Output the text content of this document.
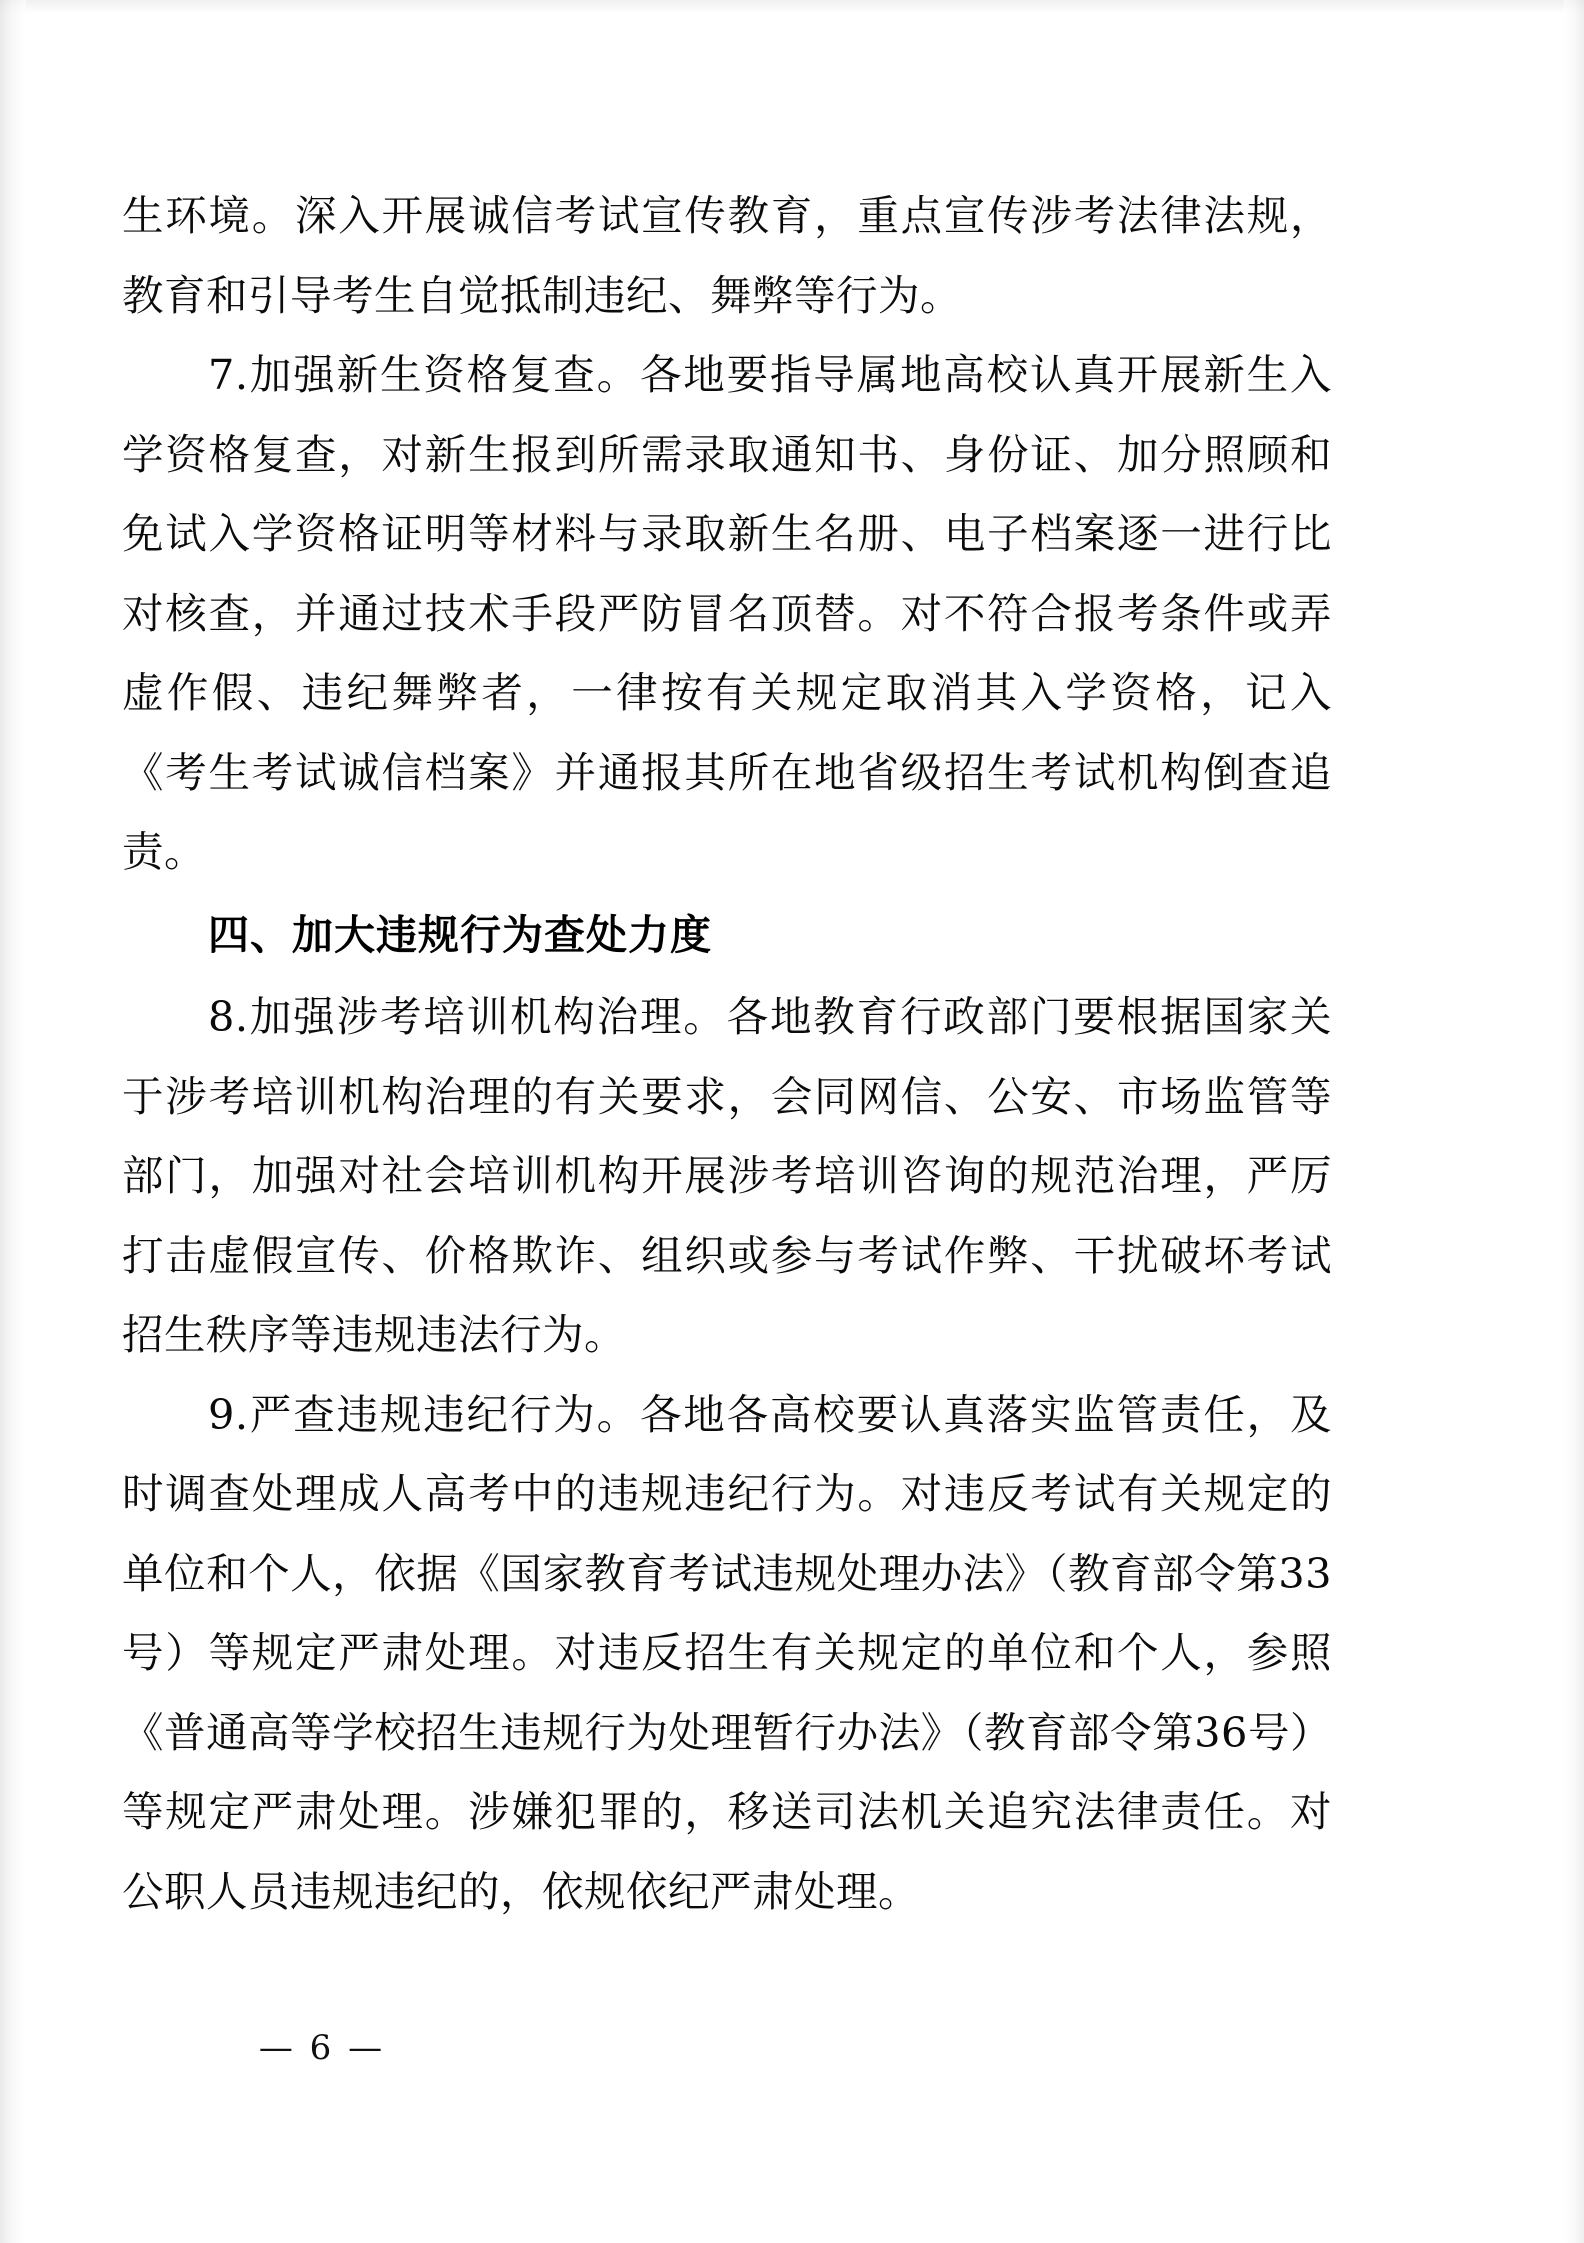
生环境。深入开展诚信考试宣传教育，重点宣传涉考法律法规，教育和引导考生自觉抵制违纪、舞弊等行为。

7.加强新生资格复查。各地要指导属地高校认真开展新生入学资格复查，对新生报到所需录取通知书、身份证、加分照顾和免试入学资格证明等材料与录取新生名册、电子档案逐一进行比对核查，并通过技术手段严防冒名顶替。对不符合报考条件或弄虚作假、违纪舞弊者，一律按有关规定取消其入学资格，记入《考生考试诚信档案》并通报其所在地省级招生考试机构倒查追责。

四、加大违规行为查处力度

8.加强涉考培训机构治理。各地教育行政部门要根据国家关于涉考培训机构治理的有关要求，会同网信、公安、市场监管等部门，加强对社会培训机构开展涉考培训咨询的规范治理，严厉打击虚假宣传、价格欺诈、组织或参与考试作弊、干扰破坏考试招生秩序等违规违法行为。

9.严查违规违纪行为。各地各高校要认真落实监管责任，及时调查处理成人高考中的违规违纪行为。对违反考试有关规定的单位和个人，依据《国家教育考试违规处理办法》（教育部令第33号）等规定严肃处理。对违反招生有关规定的单位和个人，参照《普通高等学校招生违规行为处理暂行办法》（教育部令第36号）等规定严肃处理。涉嫌犯罪的，移送司法机关追究法律责任。对公职人员违规违纪的，依规依纪严肃处理。

— 6 —
